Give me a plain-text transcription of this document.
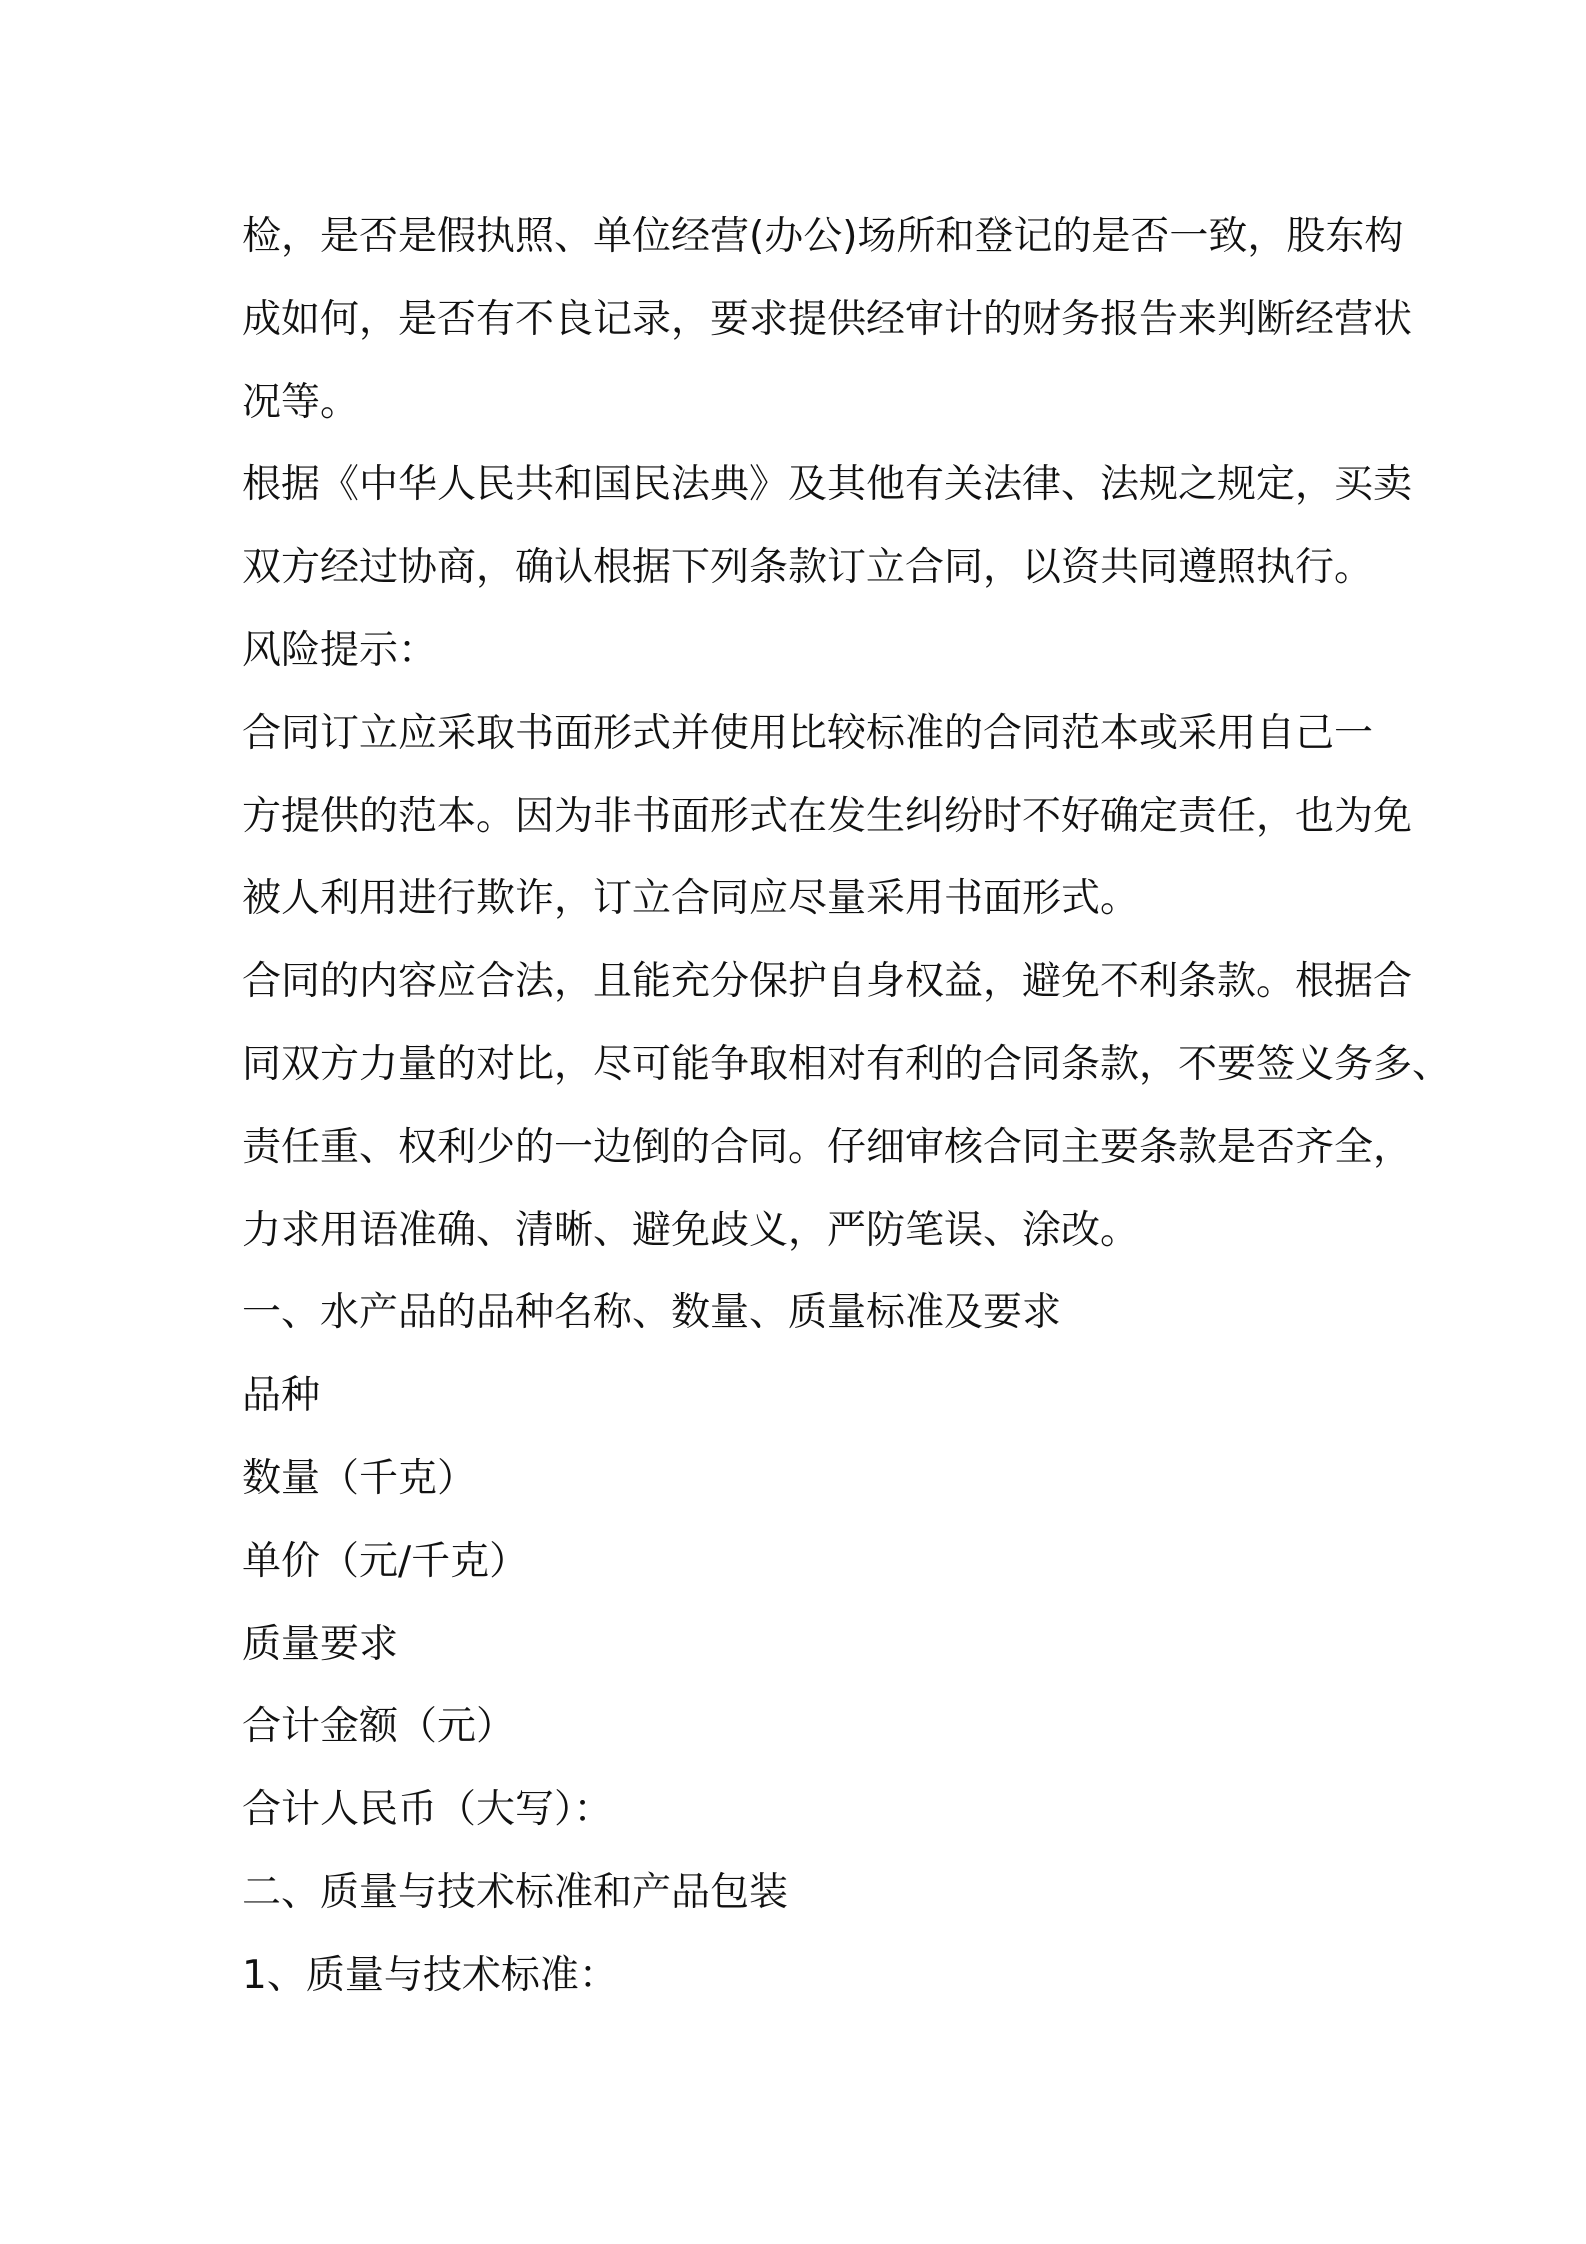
检，是否是假执照、单位经营(办公)场所和登记的是否一致，股东构
成如何，是否有不良记录，要求提供经审计的财务报告来判断经营状
况等。

根据《中华人民共和国民法典》及其他有关法律、法规之规定，买卖
双方经过协商，确认根据下列条款订立合同，以资共同遵照执行。

风险提示：

合同订立应采取书面形式并使用比较标准的合同范本或采用自己一
方提供的范本。因为非书面形式在发生纠纷时不好确定责任，也为免
被人利用进行欺诈，订立合同应尽量采用书面形式。

合同的内容应合法，且能充分保护自身权益，避免不利条款。根据合
同双方力量的对比，尽可能争取相对有利的合同条款，不要签义务多、
责任重、权利少的一边倒的合同。仔细审核合同主要条款是否齐全，
力求用语准确、清晰、避免歧义，严防笔误、涂改。

一、水产品的品种名称、数量、质量标准及要求

品种

数量（千克）

单价（元/千克）

质量要求

合计金额（元）

合计人民币（大写）：

二、质量与技术标准和产品包装

1、质量与技术标准：
